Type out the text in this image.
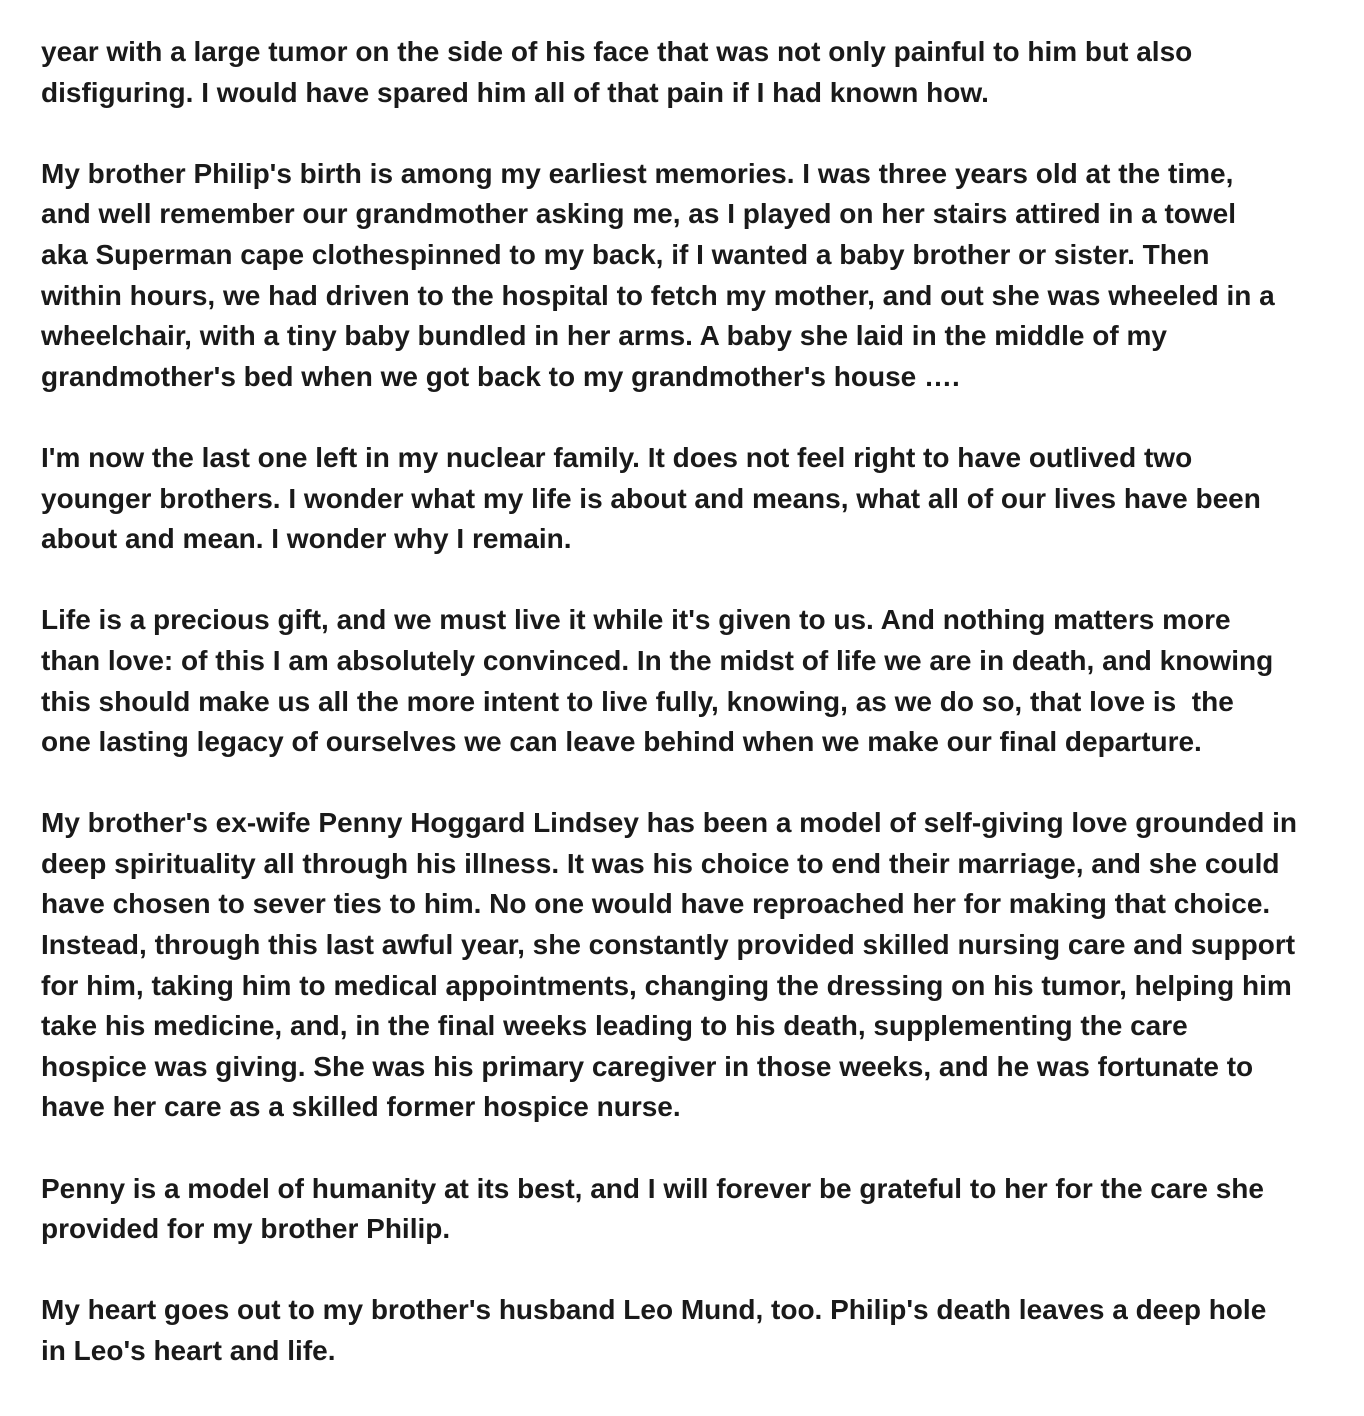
year with a large tumor on the side of his face that was not only painful to him but also
disfiguring. I would have spared him all of that pain if I had known how.

My brother Philip's birth is among my earliest memories. I was three years old at the time,
and well remember our grandmother asking me, as I played on her stairs attired in a towel
aka Superman cape clothespinned to my back, if I wanted a baby brother or sister. Then
within hours, we had driven to the hospital to fetch my mother, and out she was wheeled in a
wheelchair, with a tiny baby bundled in her arms. A baby she laid in the middle of my
grandmother's bed when we got back to my grandmother's house ….

I'm now the last one left in my nuclear family. It does not feel right to have outlived two
younger brothers. I wonder what my life is about and means, what all of our lives have been
about and mean. I wonder why I remain.

Life is a precious gift, and we must live it while it's given to us. And nothing matters more
than love: of this I am absolutely convinced. In the midst of life we are in death, and knowing
this should make us all the more intent to live fully, knowing, as we do so, that love is  the
one lasting legacy of ourselves we can leave behind when we make our final departure.

My brother's ex-wife Penny Hoggard Lindsey has been a model of self-giving love grounded in
deep spirituality all through his illness. It was his choice to end their marriage, and she could
have chosen to sever ties to him. No one would have reproached her for making that choice.
Instead, through this last awful year, she constantly provided skilled nursing care and support
for him, taking him to medical appointments, changing the dressing on his tumor, helping him
take his medicine, and, in the final weeks leading to his death, supplementing the care
hospice was giving. She was his primary caregiver in those weeks, and he was fortunate to
have her care as a skilled former hospice nurse.

Penny is a model of humanity at its best, and I will forever be grateful to her for the care she
provided for my brother Philip.

My heart goes out to my brother's husband Leo Mund, too. Philip's death leaves a deep hole
in Leo's heart and life.
